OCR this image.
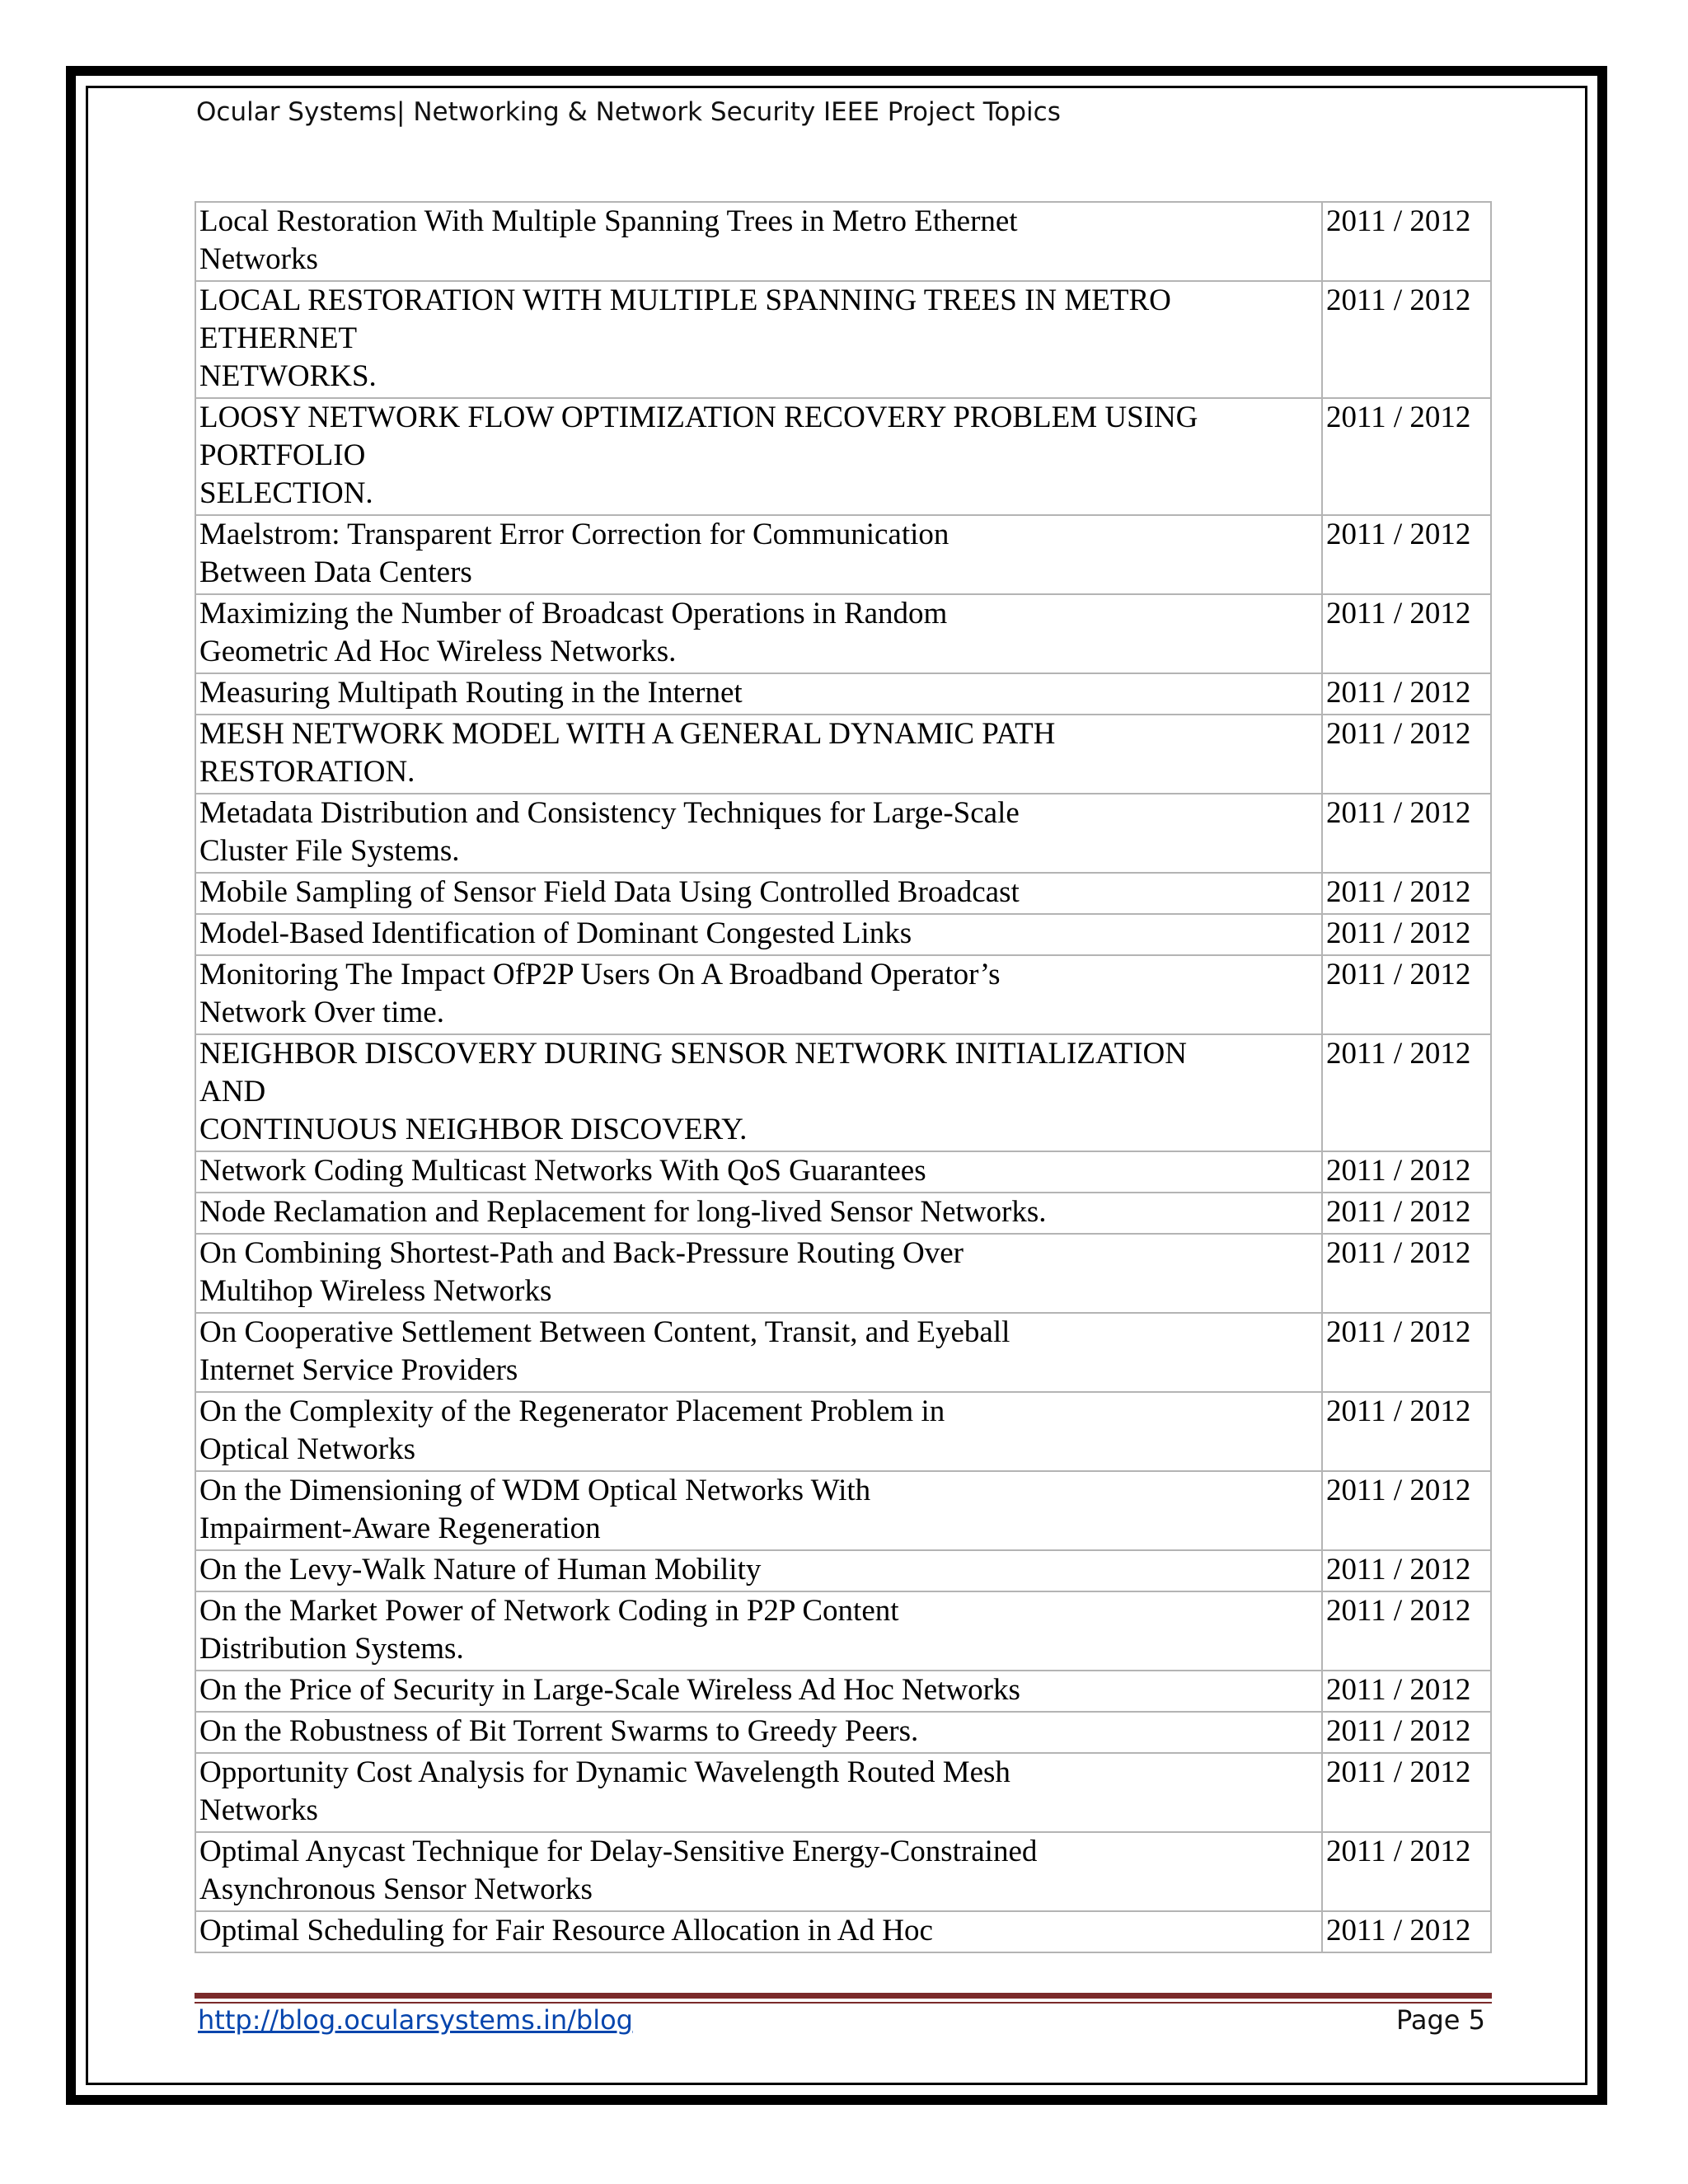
Ocular Systems| Networking & Network Security IEEE Project Topics
Local Restoration With Multiple Spanning Trees in Metro Ethernet
Networks	2011 / 2012
LOCAL RESTORATION WITH MULTIPLE SPANNING TREES IN METRO
ETHERNET
NETWORKS.	2011 / 2012
LOOSY NETWORK FLOW OPTIMIZATION RECOVERY PROBLEM USING
PORTFOLIO
SELECTION.	2011 / 2012
Maelstrom: Transparent Error Correction for Communication
Between Data Centers	2011 / 2012
Maximizing the Number of Broadcast Operations in Random
Geometric Ad Hoc Wireless Networks.	2011 / 2012
Measuring Multipath Routing in the Internet	2011 / 2012
MESH NETWORK MODEL WITH A GENERAL DYNAMIC PATH
RESTORATION.	2011 / 2012
Metadata Distribution and Consistency Techniques for Large-Scale
Cluster File Systems.	2011 / 2012
Mobile Sampling of Sensor Field Data Using Controlled Broadcast	2011 / 2012
Model-Based Identification of Dominant Congested Links	2011 / 2012
Monitoring The Impact OfP2P Users On A Broadband Operator’s
Network Over time.	2011 / 2012
NEIGHBOR DISCOVERY DURING SENSOR NETWORK INITIALIZATION
AND
CONTINUOUS NEIGHBOR DISCOVERY.	2011 / 2012
Network Coding Multicast Networks With QoS Guarantees	2011 / 2012
Node Reclamation and Replacement for long-lived Sensor Networks.	2011 / 2012
On Combining Shortest-Path and Back-Pressure Routing Over
Multihop Wireless Networks	2011 / 2012
On Cooperative Settlement Between Content, Transit, and Eyeball
Internet Service Providers	2011 / 2012
On the Complexity of the Regenerator Placement Problem in
Optical Networks	2011 / 2012
On the Dimensioning of WDM Optical Networks With
Impairment-Aware Regeneration	2011 / 2012
On the Levy-Walk Nature of Human Mobility	2011 / 2012
On the Market Power of Network Coding in P2P Content
Distribution Systems.	2011 / 2012
On the Price of Security in Large-Scale Wireless Ad Hoc Networks	2011 / 2012
On the Robustness of Bit Torrent Swarms to Greedy Peers.	2011 / 2012
Opportunity Cost Analysis for Dynamic Wavelength Routed Mesh
Networks	2011 / 2012
Optimal Anycast Technique for Delay-Sensitive Energy-Constrained
Asynchronous Sensor Networks	2011 / 2012
Optimal Scheduling for Fair Resource Allocation in Ad Hoc	2011 / 2012
http://blog.ocularsystems.in/blog	Page 5
